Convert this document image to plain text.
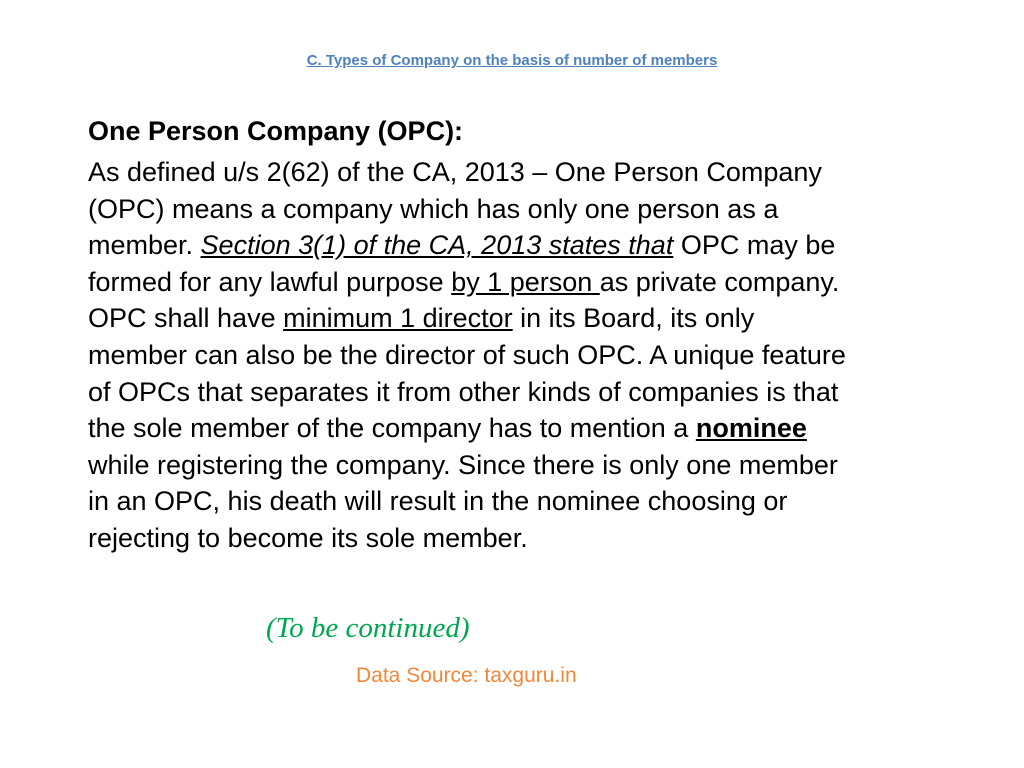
C. Types of Company on the basis of number of members
One Person Company (OPC):
As defined u/s 2(62) of the CA, 2013 – One Person Company
(OPC) means a company which has only one person as a
member. Section 3(1) of the CA, 2013 states that OPC may be
formed for any lawful purpose by 1 person as private company.
OPC shall have minimum 1 director in its Board, its only
member can also be the director of such OPC. A unique feature
of OPCs that separates it from other kinds of companies is that
the sole member of the company has to mention a nominee
while registering the company. Since there is only one member
in an OPC, his death will result in the nominee choosing or
rejecting to become its sole member.
(To be continued)
Data Source: taxguru.in
